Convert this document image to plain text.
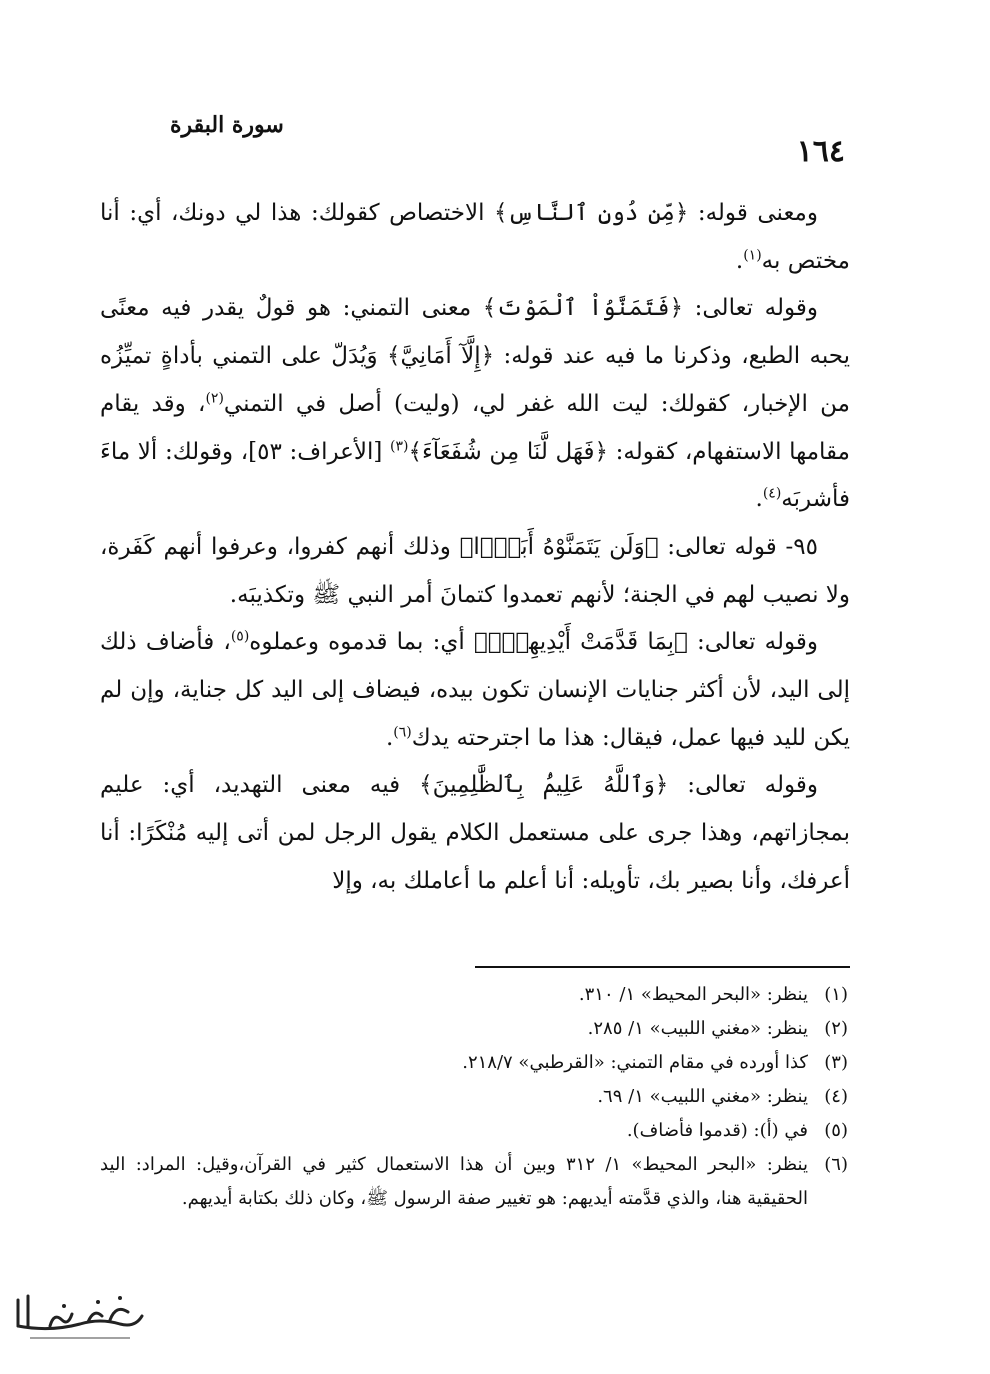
١٦٤
سورة البقرة

ومعنى قوله: ﴿مِّن دُونِ ٱلنَّاسِ﴾ الاختصاص كقولك: هذا لي دونك، أي: أنا مختص به$^{(١)}$.

وقوله تعالى: ﴿فَتَمَنَّوُاْ ٱلْمَوْتَ﴾ معنى التمني: هو قولٌ يقدر فيه معنًى يحبه الطبع، وذكرنا ما فيه عند قوله: ﴿إِلَّآ أَمَانِيَّ﴾ وَيُدَلّ على التمني بأداةٍ تميِّزُه من الإخبار، كقولك: ليت الله غفر لي، (وليت) أصل في التمني$^{(٢)}$، وقد يقام مقامها الاستفهام، كقوله: ﴿فَهَل لَّنَا مِن شُفَعَآءَ﴾$^{(٣)}$ [الأعراف: ٥٣]، وقولك: ألا ماءَ فأشربَه$^{(٤)}$.

٩٥- قوله تعالى: ﴿وَلَن يَتَمَنَّوْهُ أَبَدَۢا﴾ وذلك أنهم كفروا، وعرفوا أنهم كَفَرة، ولا نصيب لهم في الجنة؛ لأنهم تعمدوا كتمانَ أمر النبي ﷺ وتكذيبَه.

وقوله تعالى: ﴿بِمَا قَدَّمَتْ أَيْدِيهِمْۚ﴾ أي: بما قدموه وعملوه$^{(٥)}$، فأضاف ذلك إلى اليد، لأن أكثر جنايات الإنسان تكون بيده، فيضاف إلى اليد كل جناية، وإن لم يكن لليد فيها عمل، فيقال: هذا ما اجترحته يدك$^{(٦)}$.

وقوله تعالى: ﴿وَٱللَّهُ عَلِيمُۢ بِٱلظَّٰلِمِينَ﴾ فيه معنى التهديد، أي: عليم بمجازاتهم، وهذا جرى على مستعمل الكلام يقول الرجل لمن أتى إليه مُنْكَرًا: أنا أعرفك، وأنا بصير بك، تأويله: أنا أعلم ما أعاملك به، وإلا

(١)
ينظر: «البحر المحيط» ١/ ٣١٠.
(٢)
ينظر: «مغني اللبيب» ١/ ٢٨٥.
(٣)
كذا أورده في مقام التمني: «القرطبي» ٢١٨/٧.
(٤)
ينظر: «مغني اللبيب» ١/ ٦٩.
(٥)
في (أ): (قدموا فأضاف).
(٦)
ينظر: «البحر المحيط» ١/ ٣١٢ وبين أن هذا الاستعمال كثير في القرآن،وقيل: المراد: اليد الحقيقية هنا، والذي قدَّمته أيديهم: هو تغيير صفة الرسول ﷺ، وكان ذلك بكتابة أيديهم.
